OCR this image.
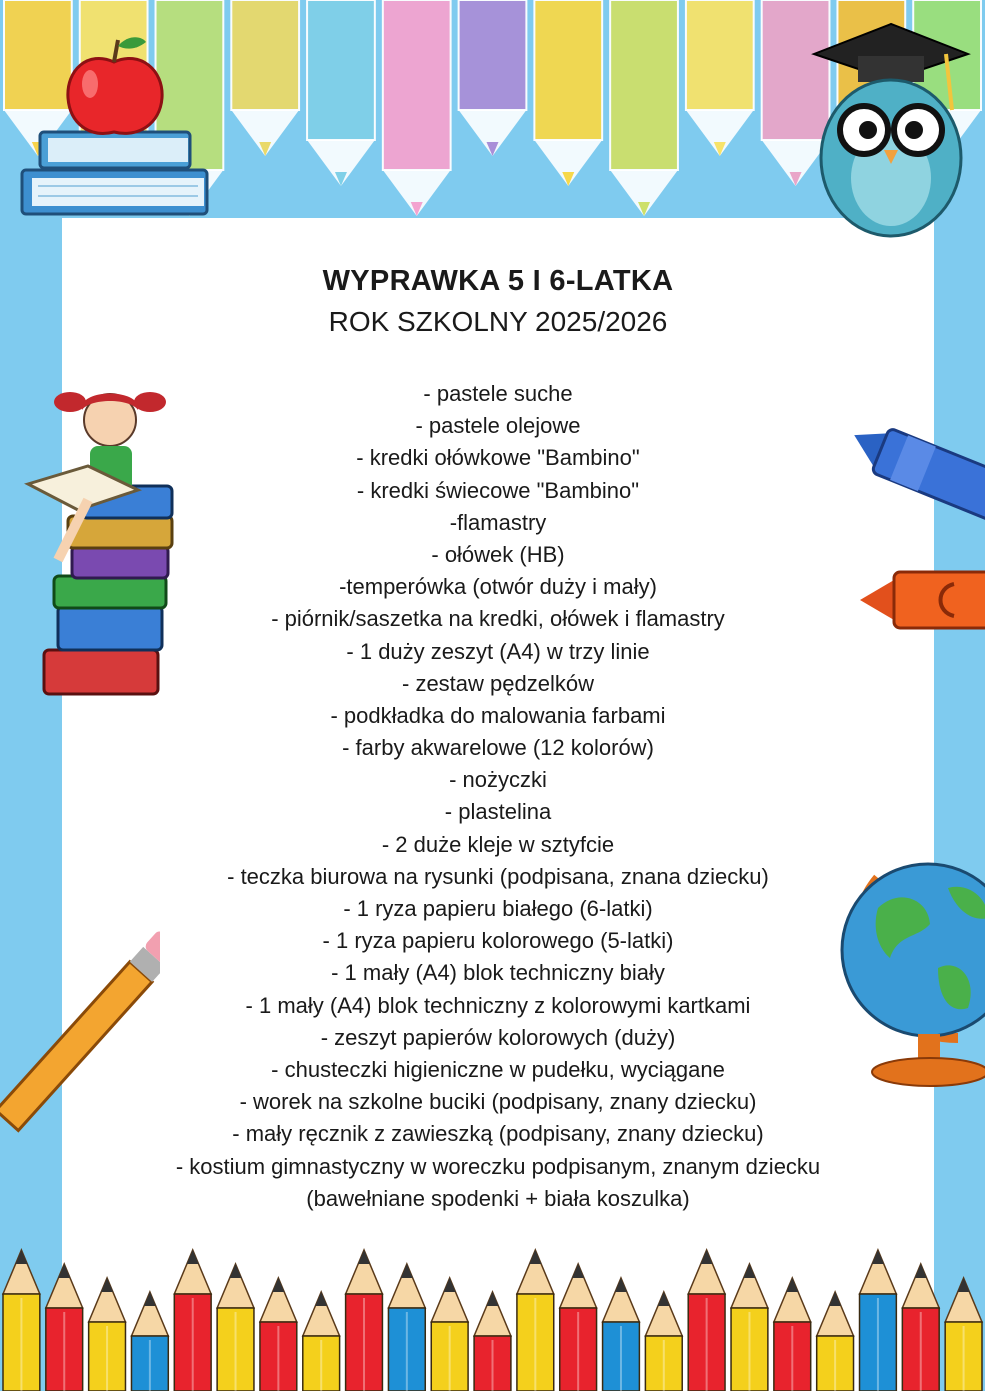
WYPRAWKA 5 I 6-LATKA
ROK SZKOLNY 2025/2026
- pastele suche
- pastele olejowe
- kredki ołówkowe "Bambino"
- kredki świecowe "Bambino"
-flamastry
- ołówek (HB)
-temperówka (otwór duży i mały)
- piórnik/saszetka na kredki, ołówek i flamastry
- 1 duży zeszyt (A4) w trzy linie
- zestaw pędzelków
- podkładka do malowania farbami
- farby akwarelowe (12 kolorów)
- nożyczki
- plastelina
- 2 duże kleje w sztyfcie
- teczka biurowa na rysunki (podpisana, znana dziecku)
- 1 ryza papieru białego (6-latki)
- 1 ryza papieru kolorowego (5-latki)
- 1 mały (A4) blok techniczny biały
- 1 mały (A4) blok techniczny z kolorowymi kartkami
- zeszyt papierów kolorowych (duży)
- chusteczki higieniczne w pudełku, wyciągane
- worek na szkolne buciki (podpisany, znany dziecku)
- mały ręcznik z zawieszką (podpisany, znany dziecku)
- kostium gimnastyczny w woreczku podpisanym, znanym dziecku
(bawełniane spodenki + biała koszulka)
